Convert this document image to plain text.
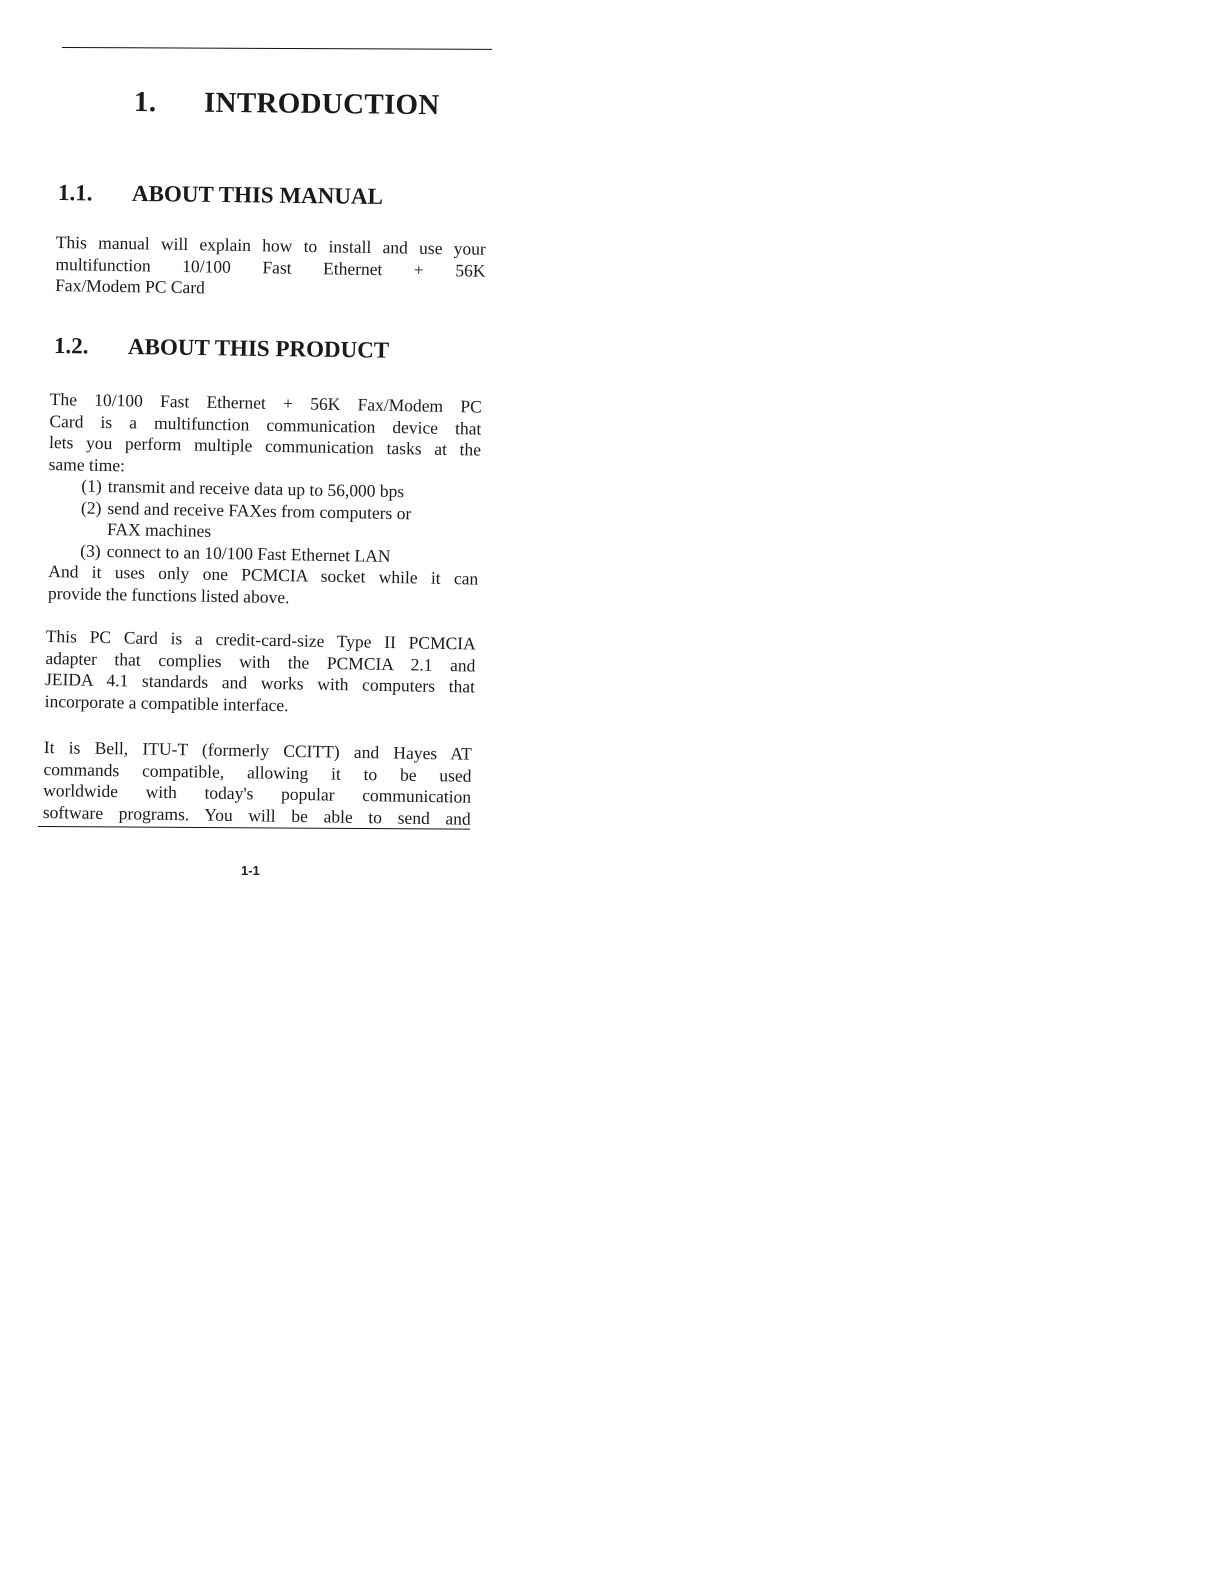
1. INTRODUCTION
1.1. ABOUT THIS MANUAL
This manual will explain how to install and use your
multifunction 10/100 Fast Ethernet + 56K
Fax/Modem PC Card
1.2. ABOUT THIS PRODUCT
The 10/100 Fast Ethernet + 56K Fax/Modem PC
Card is a multifunction communication device that
lets you perform multiple communication tasks at the
same time:
(1) transmit and receive data up to 56,000 bps
(2) send and receive FAXes from computers or
FAX machines
(3) connect to an 10/100 Fast Ethernet LAN
And it uses only one PCMCIA socket while it can
provide the functions listed above.
This PC Card is a credit-card-size Type II PCMCIA
adapter that complies with the PCMCIA 2.1 and
JEIDA 4.1 standards and works with computers that
incorporate a compatible interface.
It is Bell, ITU-T (formerly CCITT) and Hayes AT
commands compatible, allowing it to be used
worldwide with today's popular communication
software programs. You will be able to send and
1-1
